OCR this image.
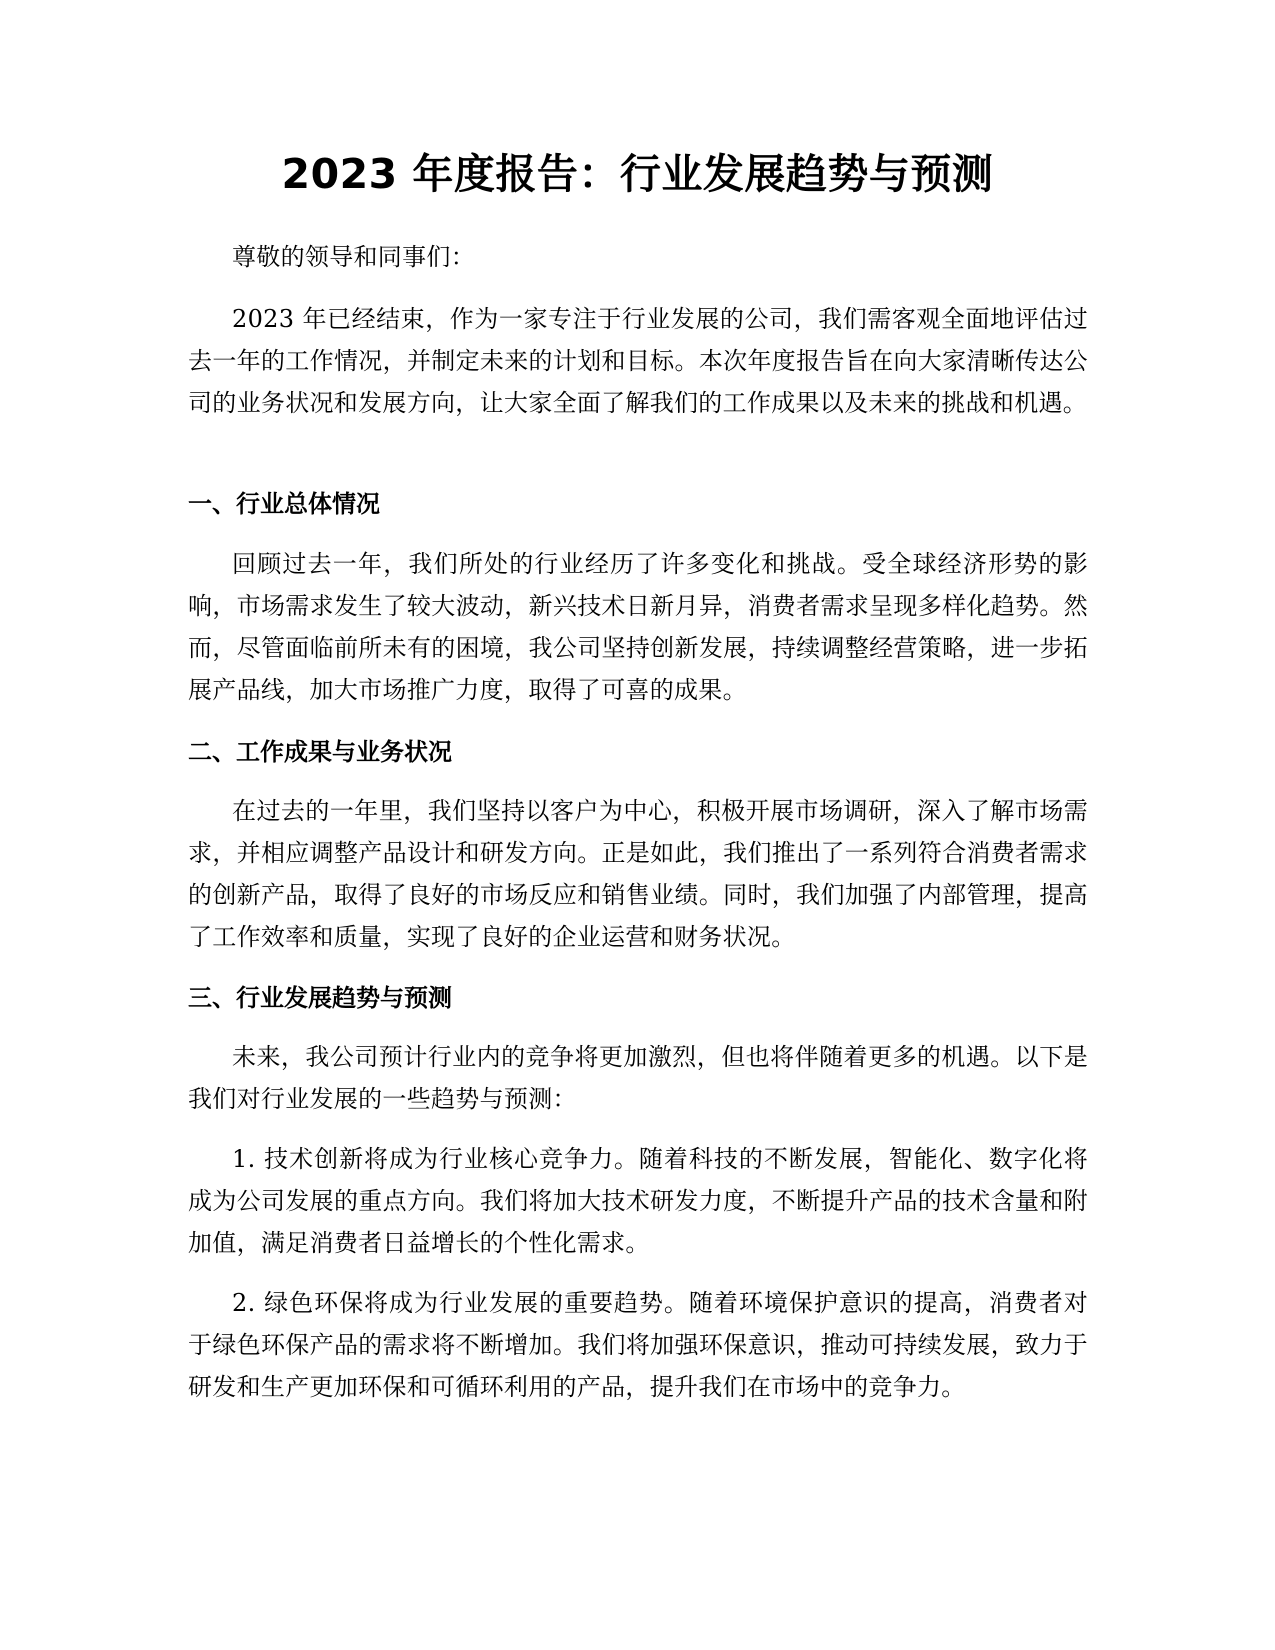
2023 年度报告：行业发展趋势与预测

尊敬的领导和同事们：

2023 年已经结束，作为一家专注于行业发展的公司，我们需客观全面地评估过去一年的工作情况，并制定未来的计划和目标。本次年度报告旨在向大家清晰传达公司的业务状况和发展方向，让大家全面了解我们的工作成果以及未来的挑战和机遇。

一、行业总体情况

回顾过去一年，我们所处的行业经历了许多变化和挑战。受全球经济形势的影响，市场需求发生了较大波动，新兴技术日新月异，消费者需求呈现多样化趋势。然而，尽管面临前所未有的困境，我公司坚持创新发展，持续调整经营策略，进一步拓展产品线，加大市场推广力度，取得了可喜的成果。

二、工作成果与业务状况

在过去的一年里，我们坚持以客户为中心，积极开展市场调研，深入了解市场需求，并相应调整产品设计和研发方向。正是如此，我们推出了一系列符合消费者需求的创新产品，取得了良好的市场反应和销售业绩。同时，我们加强了内部管理，提高了工作效率和质量，实现了良好的企业运营和财务状况。

三、行业发展趋势与预测

未来，我公司预计行业内的竞争将更加激烈，但也将伴随着更多的机遇。以下是我们对行业发展的一些趋势与预测：

1. 技术创新将成为行业核心竞争力。随着科技的不断发展，智能化、数字化将成为公司发展的重点方向。我们将加大技术研发力度，不断提升产品的技术含量和附加值，满足消费者日益增长的个性化需求。

2. 绿色环保将成为行业发展的重要趋势。随着环境保护意识的提高，消费者对于绿色环保产品的需求将不断增加。我们将加强环保意识，推动可持续发展，致力于研发和生产更加环保和可循环利用的产品，提升我们在市场中的竞争力。
